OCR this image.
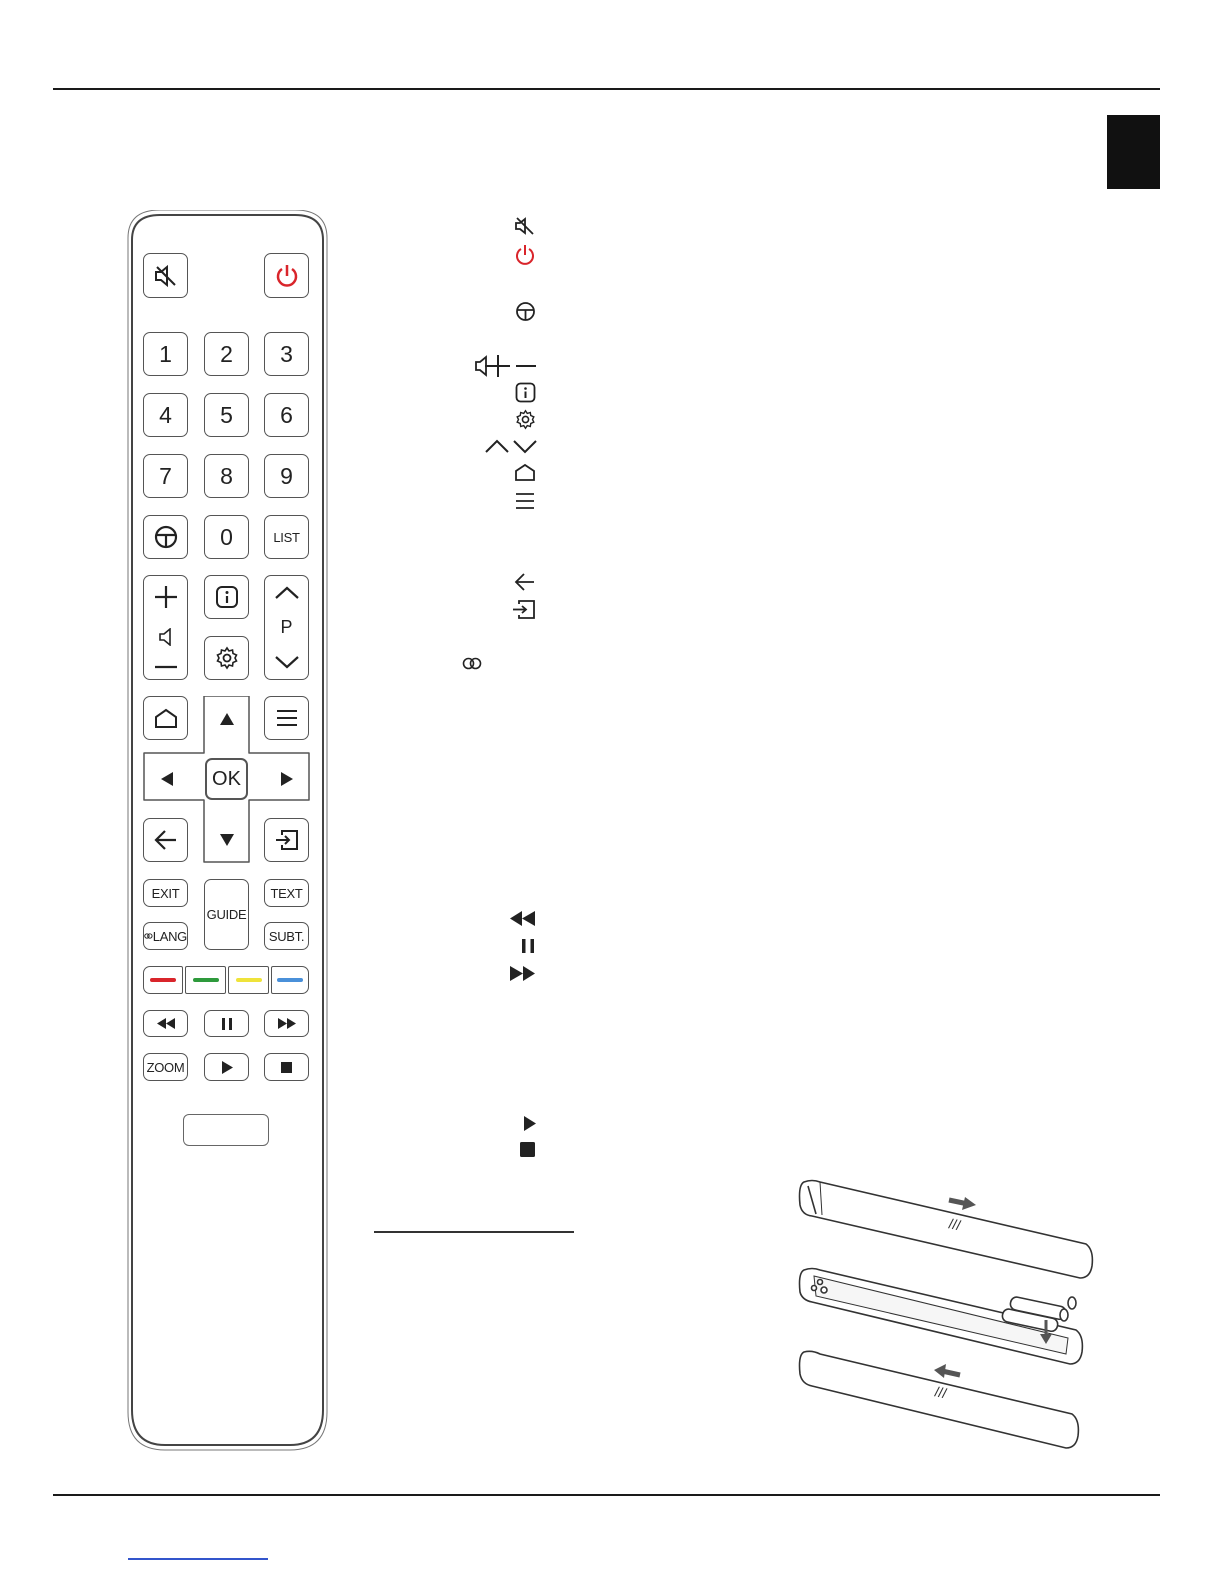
1	2	3
4	5	6
7	8	9
0	LIST
P
OK
EXIT
GUIDE
TEXT
LANG	SUBT.
ZOOM
///
///
